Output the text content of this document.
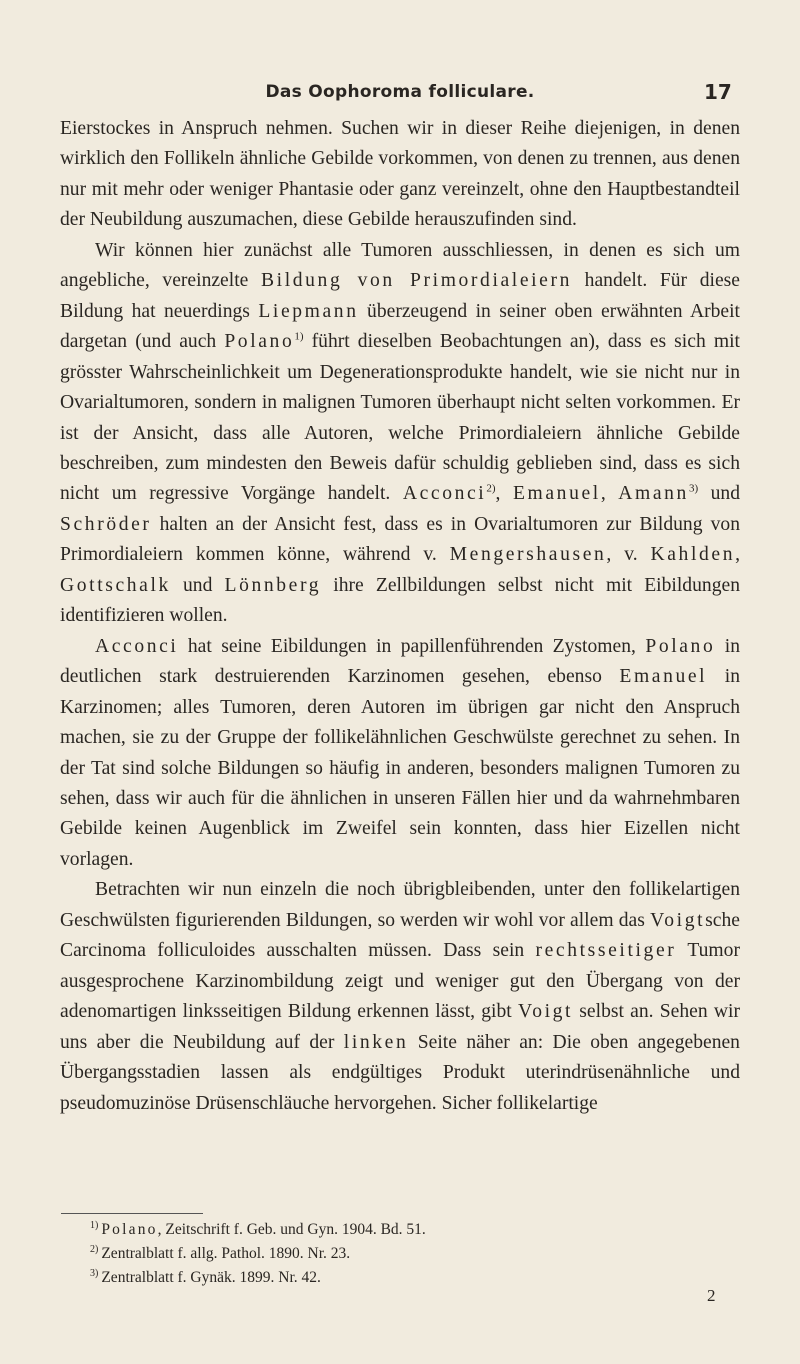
Das Oophoroma folliculare.	17

Eierstockes in Anspruch nehmen. Suchen wir in dieser Reihe diejenigen, in denen wirklich den Follikeln ähnliche Gebilde vorkommen, von denen zu trennen, aus denen nur mit mehr oder weniger Phantasie oder ganz vereinzelt, ohne den Hauptbestandteil der Neubildung auszumachen, diese Gebilde herauszufinden sind.

Wir können hier zunächst alle Tumoren ausschliessen, in denen es sich um angebliche, vereinzelte Bildung von Primordialeiern handelt. Für diese Bildung hat neuerdings Liepmann überzeugend in seiner oben erwähnten Arbeit dargetan (und auch Polano$^{1)}$ führt dieselben Beobachtungen an), dass es sich mit grösster Wahrscheinlichkeit um Degenerationsprodukte handelt, wie sie nicht nur in Ovarialtumoren, sondern in malignen Tumoren überhaupt nicht selten vorkommen. Er ist der Ansicht, dass alle Autoren, welche Primordialeiern ähnliche Gebilde beschreiben, zum mindesten den Beweis dafür schuldig geblieben sind, dass es sich nicht um regressive Vorgänge handelt. Acconci$^{2)}$, Emanuel, Amann$^{3)}$ und Schröder halten an der Ansicht fest, dass es in Ovarialtumoren zur Bildung von Primordialeiern kommen könne, während v. Mengershausen, v. Kahlden, Gottschalk und Lönnberg ihre Zellbildungen selbst nicht mit Eibildungen identifizieren wollen.

Acconci hat seine Eibildungen in papillenführenden Zystomen, Polano in deutlichen stark destruierenden Karzinomen gesehen, ebenso Emanuel in Karzinomen; alles Tumoren, deren Autoren im übrigen gar nicht den Anspruch machen, sie zu der Gruppe der follikelähnlichen Geschwülste gerechnet zu sehen. In der Tat sind solche Bildungen so häufig in anderen, besonders malignen Tumoren zu sehen, dass wir auch für die ähnlichen in unseren Fällen hier und da wahrnehmbaren Gebilde keinen Augenblick im Zweifel sein konnten, dass hier Eizellen nicht vorlagen.

Betrachten wir nun einzeln die noch übrigbleibenden, unter den follikelartigen Geschwülsten figurierenden Bildungen, so werden wir wohl vor allem das Voigtsche Carcinoma folliculoides ausschalten müssen. Dass sein rechtsseitiger Tumor ausgesprochene Karzinombildung zeigt und weniger gut den Übergang von der adenomartigen linksseitigen Bildung erkennen lässt, gibt Voigt selbst an. Sehen wir uns aber die Neubildung auf der linken Seite näher an: Die oben angegebenen Übergangsstadien lassen als endgültiges Produkt uterindrüsenähnliche und pseudomuzinöse Drüsenschläuche hervorgehen. Sicher follikelartige

$^{1)}$ Polano, Zeitschrift f. Geb. und Gyn. 1904. Bd. 51.
$^{2)}$ Zentralblatt f. allg. Pathol. 1890. Nr. 23.
$^{3)}$ Zentralblatt f. Gynäk. 1899. Nr. 42.
2
